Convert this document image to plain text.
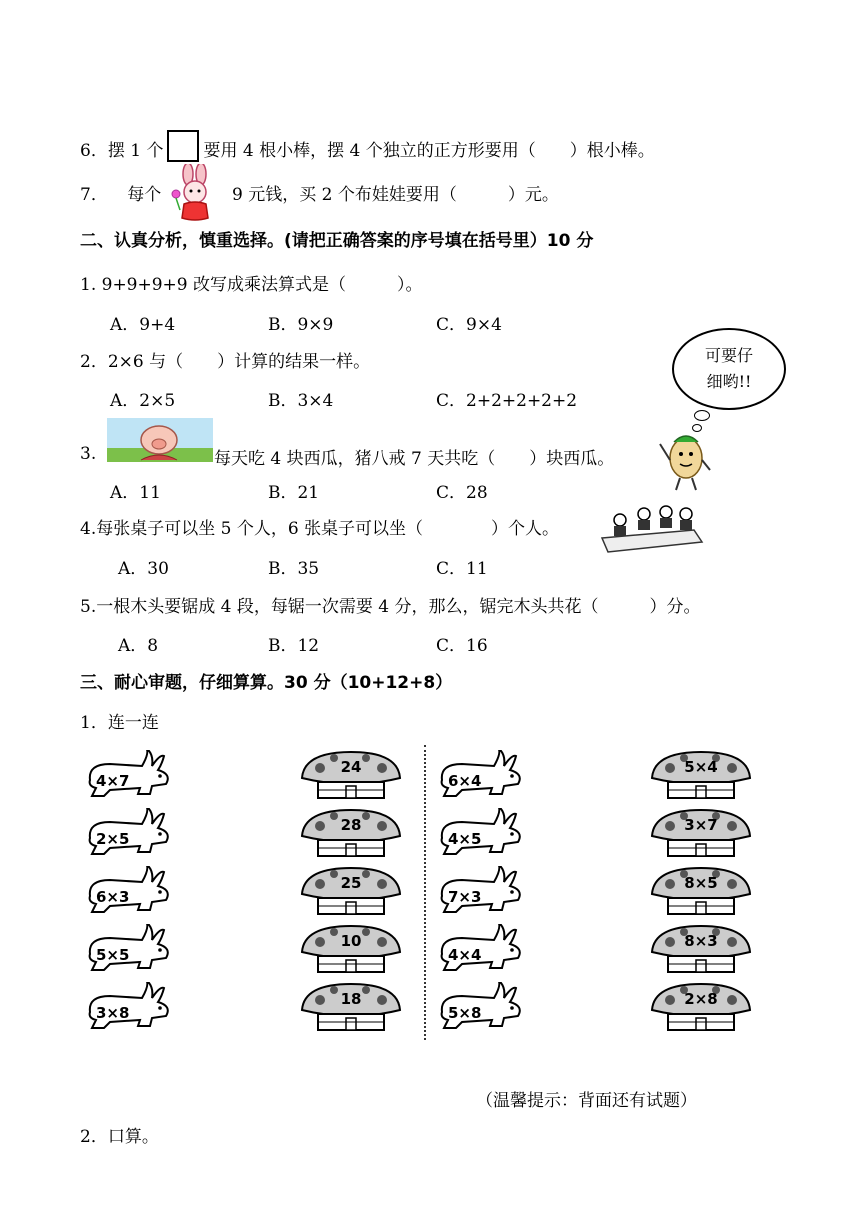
6．摆 1 个 要用 4 根小棒，摆 4 个独立的正方形要用（　　）根小棒。
7． 每个	9 元钱，买 2 个布娃娃要用（　　　）元。
二、认真分析，慎重选择。(请把正确答案的序号填在括号里）10 分
1. 9+9+9+9 改写成乘法算式是（　　　）。
A．9+4	B．9×9	C．9×4
2．2×6 与（　　）计算的结果一样。
A．2×5	B．3×4	C．2+2+2+2+2
可要仔
细哟!!
3.	每天吃 4 块西瓜，猪八戒 7 天共吃（　　）块西瓜。
A．11	B．21	C．28
4.每张桌子可以坐 5 个人，6 张桌子可以坐（　　　　）个人。
A．30	B．35	C．11
5.一根木头要锯成 4 段，每锯一次需要 4 分，那么，锯完木头共花（　　　）分。
A．8	B．12	C．16
三、耐心审题，仔细算算。30 分（10+12+8）
1．连一连
4×7
2×5
6×3
5×5
3×8
24
28
25
10
18
6×4
4×5
7×3
4×4
5×8
5×4
3×7
8×5
8×3
2×8
（温馨提示：背面还有试题）
2．口算。
